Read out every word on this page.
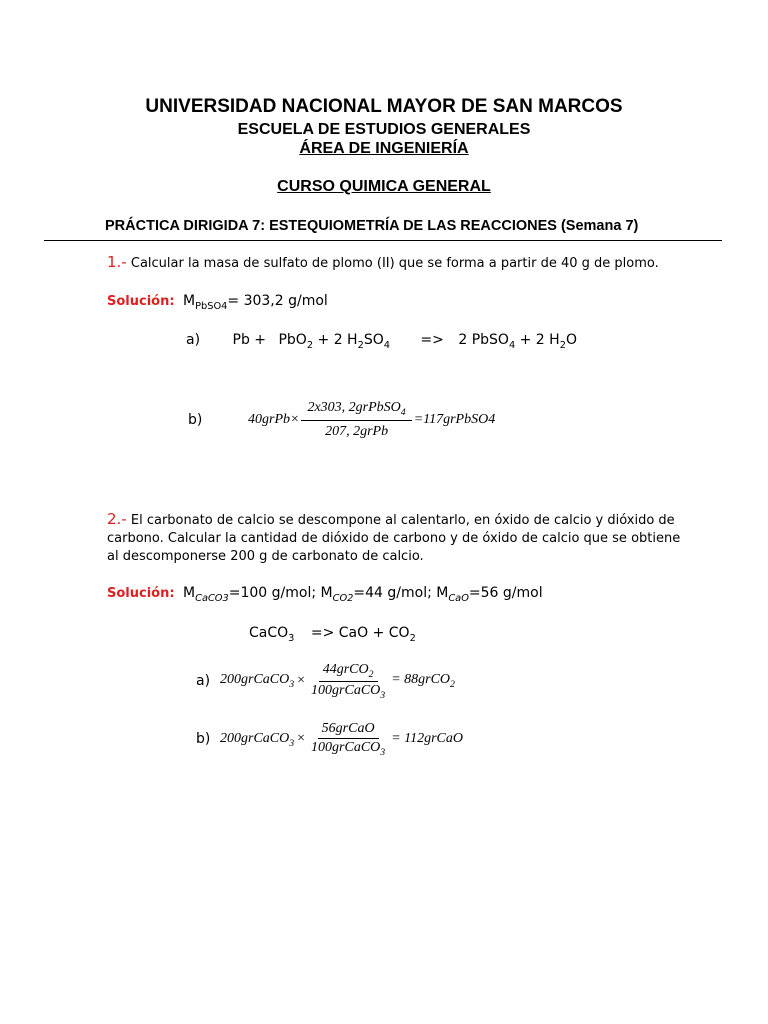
UNIVERSIDAD NACIONAL MAYOR DE SAN MARCOS
ESCUELA DE ESTUDIOS GENERALES
ÁREA DE INGENIERÍA
CURSO QUIMICA GENERAL
PRÁCTICA DIRIGIDA 7: ESTEQUIOMETRÍA DE LAS REACCIONES (Semana 7)
1.- Calcular la masa de sulfato de plomo (II) que se forma a partir de 40 g de plomo.
Solución: $M_{PbSO4}= 303,2$ g/mol
a) Pb + PbO$_2$ + 2 $H_2SO_4 => 2$ PbSO$_4$ + 2 $H_2O$
b)	40grPb× $\frac{2x303, 2grPbSO_4}{\text{207, 2grPb}}$ =117grPbSO4
2.- El carbonato de calcio se descompone al calentarlo, en óxido de calcio y dióxido de
carbono. Calcular la cantidad de dióxido de carbono y de óxido de calcio que se obtiene
al descomponerse 200 g de carbonato de calcio.
Solución: $M_{CaCO3}=100$ g/mol; $M_{CO2}=44$ g/mol; $M_{CaO}=56$ g/mol
CaCO$_3$ => CaO + $CO_2$
a) 200grCaCO$_3$ × $\frac{44grCO_2}{100grCaCO_3}$ = 88grCO$_2$
b) 200grCaCO$_3$ × $\frac{\text{56grCaO}}{100grCaCO_3}$ = 112grCaO
